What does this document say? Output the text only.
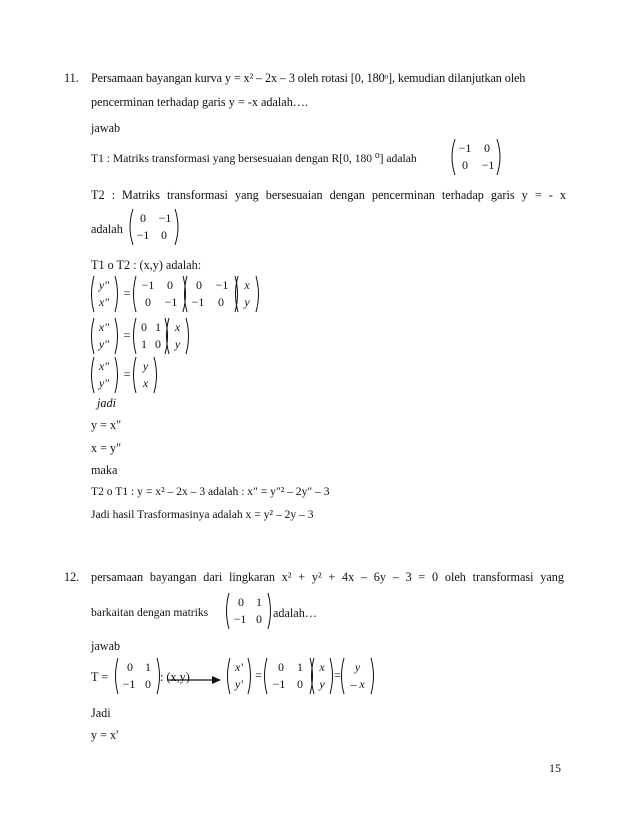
11. Persamaan bayangan kurva y = x² – 2x – 3 oleh rotasi [0, 180ᵒ], kemudian dilanjutkan oleh
pencerminan terhadap garis y = -x adalah….
jawab
T1 : Matriks transformasi yang bersesuaian dengan R[0, 180 ⁰] adalah
−1	0
0	−1
T2 : Matriks transformasi yang bersesuaian dengan pencerminan terhadap garis y = - x
adalah
0	−1
−1 0
T1 o T2 : (x,y) adalah:
y"
x"
=
−1	0
0	−1
0	−1
−1	0
x
y
x"
y"
=
0 1
1 0
x
y
x"
y"
=
y
x
jadi
y = x"
x = y"
maka
T2 o T1 : y = x² – 2x – 3 adalah : x" = y"² – 2y" – 3
Jadi hasil Trasformasinya adalah x = y² – 2y – 3
12. persamaan bayangan dari lingkaran x² + y² + 4x – 6y – 3 = 0 oleh transformasi yang
barkaitan dengan matriks
0	1
−1 0 adalah…
jawab
T =
0	1
−1 0 : (x,y)
x'
y'
=
0	1
−1 0
x
y
=
y
– x
Jadi
y = x'
15
